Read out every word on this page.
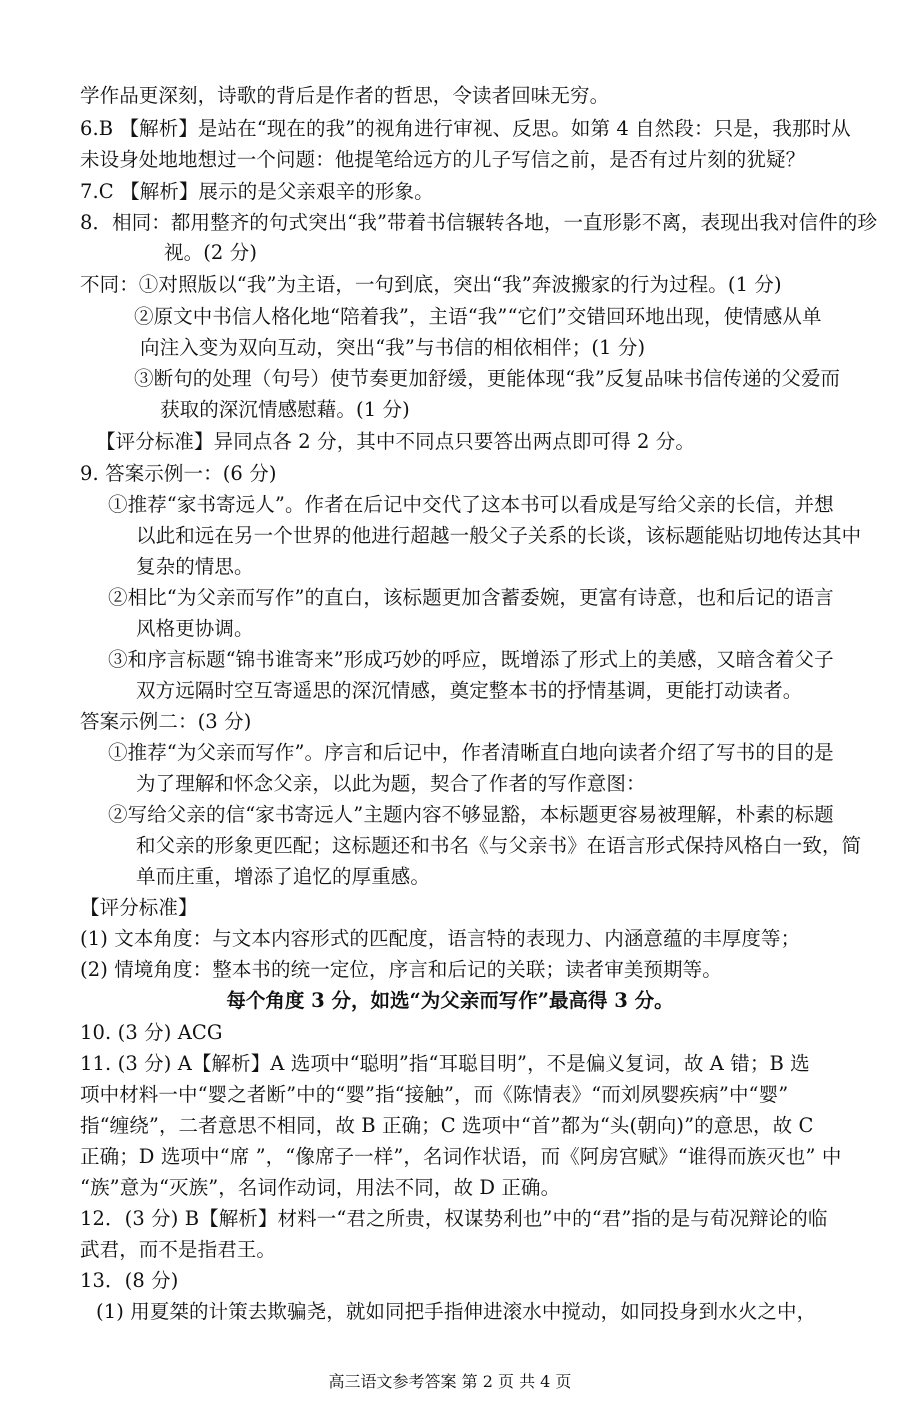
学作品更深刻，诗歌的背后是作者的哲思，令读者回味无穷。
6.B 【解析】是站在“现在的我”的视角进行审视、反思。如第 4 自然段：只是，我那时从
未设身处地地想过一个问题：他提笔给远方的儿子写信之前，是否有过片刻的犹疑？
7.C 【解析】展示的是父亲艰辛的形象。
8．相同：都用整齐的句式突出“我”带着书信辗转各地，一直形影不离，表现出我对信件的珍
视。(2 分)
不同：①对照版以“我”为主语，一句到底，突出“我”奔波搬家的行为过程。(1 分)
②原文中书信人格化地“陪着我”，主语“我”“它们”交错回环地出现，使情感从单
向注入变为双向互动，突出“我”与书信的相依相伴；(1 分)
③断句的处理（句号）使节奏更加舒缓，更能体现“我”反复品味书信传递的父爱而
获取的深沉情感慰藉。(1 分)
【评分标准】异同点各 2 分，其中不同点只要答出两点即可得 2 分。
9. 答案示例一：(6 分)
①推荐“家书寄远人”。作者在后记中交代了这本书可以看成是写给父亲的长信，并想
以此和远在另一个世界的他进行超越一般父子关系的长谈，该标题能贴切地传达其中
复杂的情思。
②相比“为父亲而写作”的直白，该标题更加含蓄委婉，更富有诗意，也和后记的语言
风格更协调。
③和序言标题“锦书谁寄来”形成巧妙的呼应，既增添了形式上的美感，又暗含着父子
双方远隔时空互寄遥思的深沉情感，奠定整本书的抒情基调，更能打动读者。
答案示例二：(3 分)
①推荐“为父亲而写作”。序言和后记中，作者清晰直白地向读者介绍了写书的目的是
为了理解和怀念父亲，以此为题，契合了作者的写作意图：
②写给父亲的信“家书寄远人”主题内容不够显豁，本标题更容易被理解，朴素的标题
和父亲的形象更匹配；这标题还和书名《与父亲书》在语言形式保持风格白一致，简
单而庄重，增添了追忆的厚重感。
【评分标准】
(1) 文本角度：与文本内容形式的匹配度，语言特的表现力、内涵意蕴的丰厚度等；
(2) 情境角度：整本书的统一定位，序言和后记的关联；读者审美预期等。
每个角度 3 分，如选“为父亲而写作”最高得 3 分。
10. (3 分) ACG
11. (3 分) A【解析】A 选项中“聪明”指“耳聪目明”，不是偏义复词，故 A 错；B 选
项中材料一中“婴之者断”中的“婴”指“接触”，而《陈情表》“而刘夙婴疾病”中“婴”
指“缠绕”，二者意思不相同，故 B 正确；C 选项中“首”都为“头(朝向)”的意思，故 C
正确；D 选项中“席 ”，“像席子一样”，名词作状语，而《阿房宫赋》“谁得而族灭也” 中
“族”意为“灭族”，名词作动词，用法不同，故 D 正确。
12．(3 分) B【解析】材料一“君之所贵，权谋势利也”中的“君”指的是与荀况辩论的临
武君，而不是指君王。
13．(8 分)
(1) 用夏桀的计策去欺骗尧，就如同把手指伸进滚水中搅动，如同投身到水火之中，
高三语文参考答案 第 2 页 共 4 页
